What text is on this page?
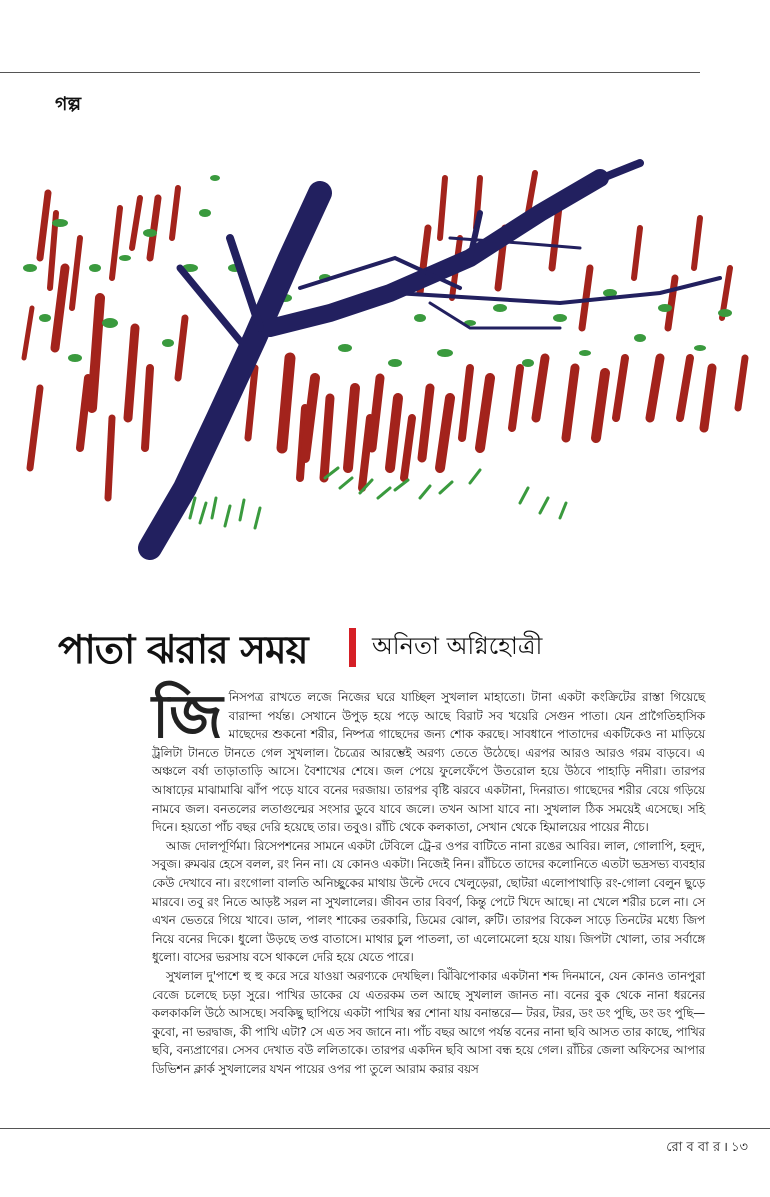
গল
পাতা ঝরার সময়	অনিতা অগ্নিহোত্রী

জিনিসপত্র রাখতে লজে নিজের ঘরে যাচ্ছিল সুখলাল মাহাতো। টানা একটা কংক্রিটের রাস্তা গিয়েছে বারান্দা পর্যন্ত। সেখানে উপুড় হয়ে পড়ে আছে বিরাট সব খয়েরি সেগুন পাতা। যেন প্রাগৈতিহাসিক মাছেদের শুকনো শরীর, নিষ্পত্র গাছেদের জন্য শোক করছে। সাবধানে পাতাদের একটিকেও না মাড়িয়ে ট্রলিটা টানতে টানতে গেল সুখলাল। চৈত্রের আরম্ভেই অরণ্য তেতে উঠেছে। এরপর আরও আরও গরম বাড়বে। এ অঞ্চলে বর্ষা তাড়াতাড়ি আসে। বৈশাখের শেষে। জল পেয়ে ফুলেফেঁপে উতরোল হয়ে উঠবে পাহাড়ি নদীরা। তারপর আষাঢ়ের মাঝামাঝি ঝাঁপ পড়ে যাবে বনের দরজায়। তারপর বৃষ্টি ঝরবে একটানা, দিনরাত। গাছেদের শরীর বেয়ে গড়িয়ে নামবে জল। বনতলের লতাগুল্মের সংসার ডুবে যাবে জলে। তখন আসা যাবে না। সুখলাল ঠিক সময়েই এসেছে। সহি দিনে। হয়তো পাঁচ বছর দেরি হয়েছে তার। তবুও। রাঁচি থেকে কলকাতা, সেখান থেকে হিমালয়ের পায়ের নীচে।

আজ দোলপূর্ণিমা। রিসেপশনের সামনে একটা টেবিলে ট্রে-র ওপর বাটিতে নানা রঙের আবির। লাল, গোলাপি, হলুদ, সবুজ। রুমঝর হেসে বলল, রং নিন না। যে কোনও একটা। নিজেই নিন। রাঁচিতে তাদের কলোনিতে এতটা ভদ্রসভ্য ব্যবহার কেউ দেখাবে না। রংগোলা বালতি অনিচ্ছুকের মাথায় উল্টে দেবে খেলুড়েরা, ছোটরা এলোপাথাড়ি রং-গোলা বেলুন ছুড়ে মারবে। তবু রং নিতে আড়ষ্ট সরল না সুখলালের। জীবন তার বিবর্ণ, কিন্তু পেটে খিদে আছে। না খেলে শরীর চলে না। সে এখন ভেতরে গিয়ে খাবে। ডাল, পালং শাকের তরকারি, ডিমের ঝোল, রুটি। তারপর বিকেল সাড়ে তিনটের মধ্যে জিপ নিয়ে বনের দিকে। ধুলো উড়ছে তপ্ত বাতাসে। মাথার চুল পাতলা, তা এলোমেলো হয়ে যায়। জিপটা খোলা, তার সর্বাঙ্গে ধুলো। বাসের ভরসায় বসে থাকলে দেরি হয়ে যেতে পারে।

সুখলাল দু'পাশে হু হু করে সরে যাওয়া অরণ্যকে দেখছিল। ঝিঁঝিপোকার একটানা শব্দ দিনমানে, যেন কোনও তানপুরা বেজে চলেছে চড়া সুরে। পাখির ডাকের যে এতরকম তল আছে সুখলাল জানত না। বনের বুক থেকে নানা ধরনের কলকাকলি উঠে আসছে। সবকিছু ছাপিয়ে একটা পাখির স্বর শোনা যায় বনান্তরে— টরর, টরর, ডং ডং পুছি, ডং ডং পুছি— কুবো, না ভরদ্বাজ, কী পাখি এটা? সে এত সব জানে না। পাঁচ বছর আগে পর্যন্ত বনের নানা ছবি আসত তার কাছে, পাখির ছবি, বন্যপ্রাণের। সেসব দেখাত বউ ললিতাকে। তারপর একদিন ছবি আসা বন্ধ হয়ে গেল। রাঁচির জেলা অফিসের আপার ডিভিশন ক্লার্ক সুখলালের যখন পায়ের ওপর পা তুলে আরাম করার বয়স

রো ব বা র । ১৩
